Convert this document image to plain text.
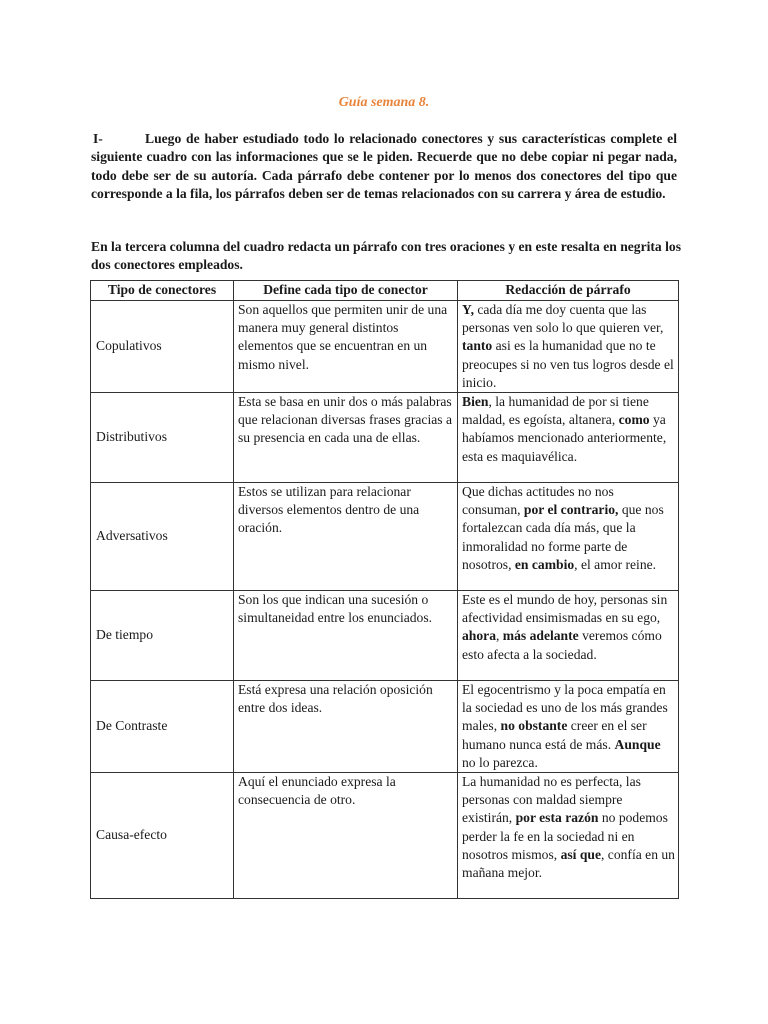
Guía semana 8.
I-	Luego de haber estudiado todo lo relacionado conectores y sus características complete el siguiente cuadro con las informaciones que se le piden. Recuerde que no debe copiar ni pegar nada, todo debe ser de su autoría. Cada párrafo debe contener por lo menos dos conectores del tipo que corresponde a la fila, los párrafos deben ser de temas relacionados con su carrera y área de estudio.
En la tercera columna del cuadro redacta un párrafo con tres oraciones y en este resalta en negrita los dos conectores empleados.
Tipo de conectores	Define cada tipo de conector	Redacción de párrafo
Copulativos	Son aquellos que permiten unir de una manera muy general distintos elementos que se encuentran en un mismo nivel.	Y, cada día me doy cuenta que las personas ven solo lo que quieren ver, tanto asi es la humanidad que no te preocupes si no ven tus logros desde el inicio.
Distributivos	Esta se basa en unir dos o más palabras que relacionan diversas frases gracias a su presencia en cada una de ellas.	Bien, la humanidad de por si tiene maldad, es egoísta, altanera, como ya habíamos mencionado anteriormente, esta es maquiavélica.
Adversativos	Estos se utilizan para relacionar diversos elementos dentro de una oración.	Que dichas actitudes no nos consuman, por el contrario, que nos fortalezcan cada día más, que la inmoralidad no forme parte de nosotros, en cambio, el amor reine.
De tiempo	Son los que indican una sucesión o simultaneidad entre los enunciados.	Este es el mundo de hoy, personas sin afectividad ensimismadas en su ego, ahora, más adelante veremos cómo esto afecta a la sociedad.
De Contraste	Está expresa una relación oposición entre dos ideas.	El egocentrismo y la poca empatía en la sociedad es uno de los más grandes males, no obstante creer en el ser humano nunca está de más. Aunque no lo parezca.
Causa-efecto	Aquí el enunciado expresa la consecuencia de otro.	La humanidad no es perfecta, las personas con maldad siempre existirán, por esta razón no podemos perder la fe en la sociedad ni en nosotros mismos, así que, confía en un mañana mejor.
